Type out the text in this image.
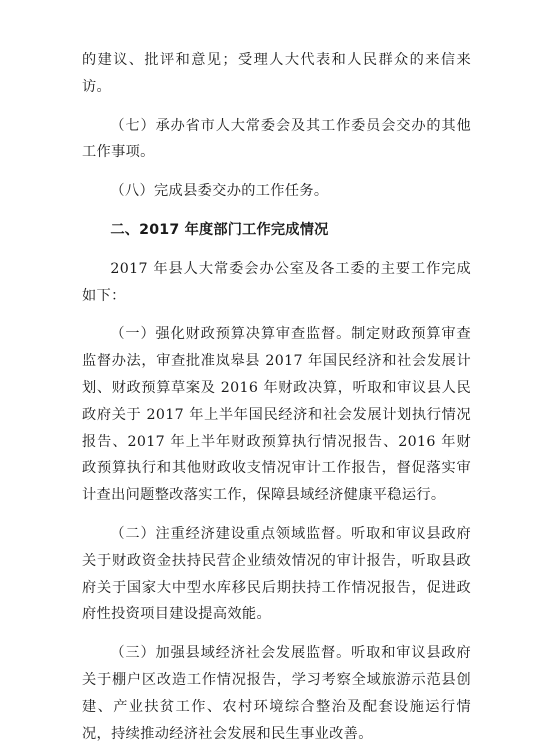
的建议、批评和意见；受理人大代表和人民群众的来信来访。

（七）承办省市人大常委会及其工作委员会交办的其他工作事项。

（八）完成县委交办的工作任务。

二、2017 年度部门工作完成情况

2017 年县人大常委会办公室及各工委的主要工作完成如下：

（一）强化财政预算决算审查监督。制定财政预算审查监督办法，审查批准岚皋县 2017 年国民经济和社会发展计划、财政预算草案及 2016 年财政决算，听取和审议县人民政府关于 2017 年上半年国民经济和社会发展计划执行情况报告、2017 年上半年财政预算执行情况报告、2016 年财政预算执行和其他财政收支情况审计工作报告，督促落实审计查出问题整改落实工作，保障县域经济健康平稳运行。

（二）注重经济建设重点领域监督。听取和审议县政府关于财政资金扶持民营企业绩效情况的审计报告，听取县政府关于国家大中型水库移民后期扶持工作情况报告，促进政府性投资项目建设提高效能。

（三）加强县域经济社会发展监督。听取和审议县政府关于棚户区改造工作情况报告，学习考察全域旅游示范县创建、产业扶贫工作、农村环境综合整治及配套设施运行情况，持续推动经济社会发展和民生事业改善。
